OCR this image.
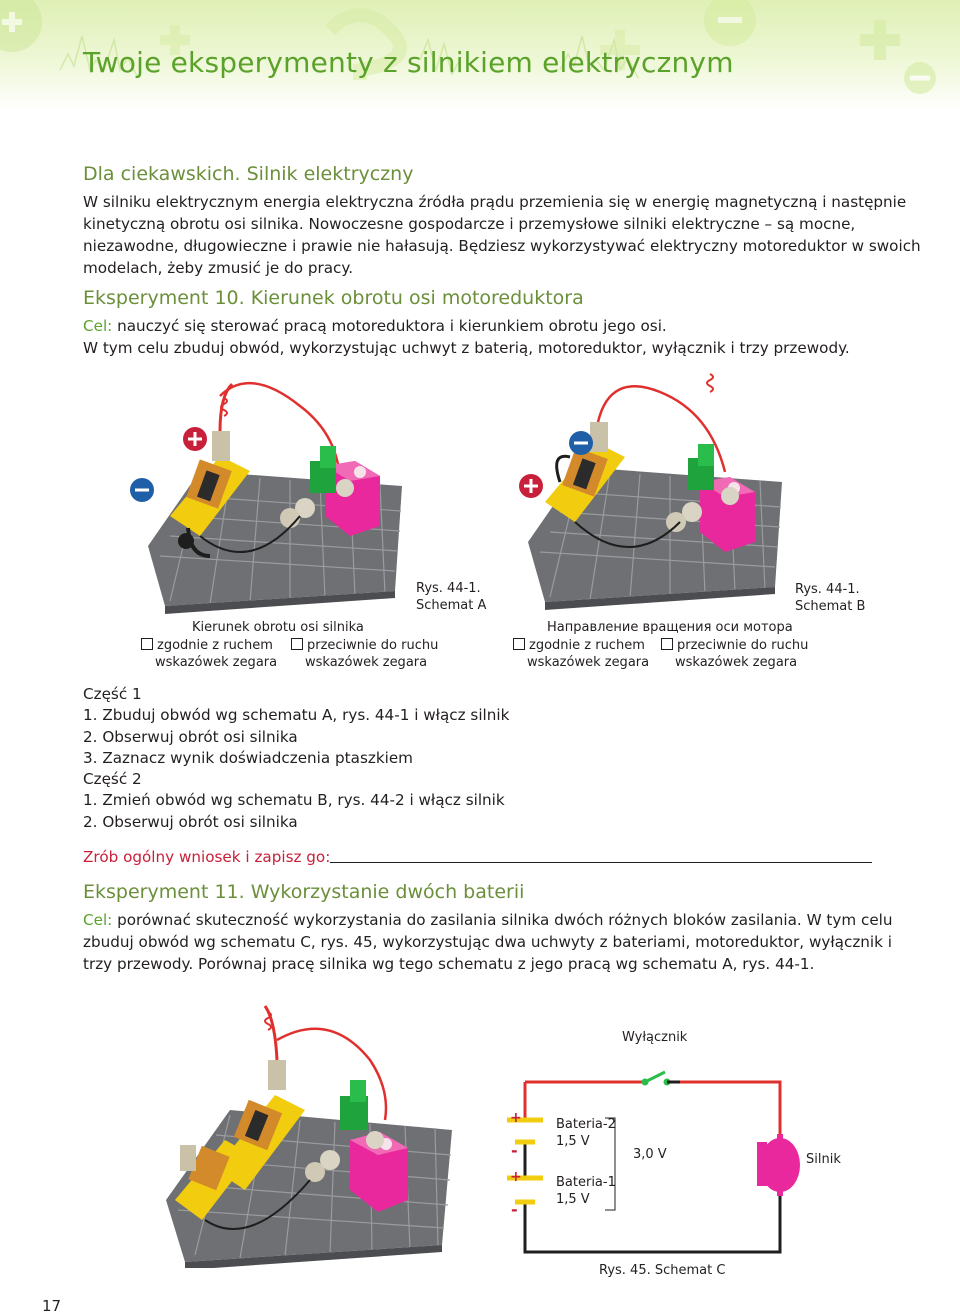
Twoje eksperymenty z silnikiem elektrycznym
Dla ciekawskich. Silnik elektryczny
W silniku elektrycznym energia elektryczna źródła prądu przemienia się w energię magnetyczną i następnie
kinetyczną obrotu osi silnika. Nowoczesne gospodarcze i przemysłowe silniki elektryczne – są mocne,
niezawodne, długowieczne i prawie nie hałasują. Będziesz wykorzystywać elektryczny motoreduktor w swoich
modelach, żeby zmusić je do pracy.
Eksperyment 10. Kierunek obrotu osi motoreduktora
Cel: nauczyć się sterować pracą motoreduktora i kierunkiem obrotu jego osi.
W tym celu zbuduj obwód, wykorzystując uchwyt z baterią, motoreduktor, wyłącznik i trzy przewody.
Rys. 44-1.
Schemat A
Kierunek obrotu osi silnika
zgodnie z ruchem
wskazówek zegara
przeciwnie do ruchu
wskazówek zegara
Rys. 44-1.
Schemat B
Направление вращения оси мотора
zgodnie z ruchem
wskazówek zegara
przeciwnie do ruchu
wskazówek zegara
Część 1
1. Zbuduj obwód wg schematu A, rys. 44-1 i włącz silnik
2. Obserwuj obrót osi silnika
3. Zaznacz wynik doświadczenia ptaszkiem
Część 2
1. Zmień obwód wg schematu B, rys. 44-2 i włącz silnik
2. Obserwuj obrót osi silnika
Zrób ogólny wniosek i zapisz go:
Eksperyment 11. Wykorzystanie dwóch baterii
Cel: porównać skuteczność wykorzystania do zasilania silnika dwóch różnych bloków zasilania. W tym celu
zbuduj obwód wg schematu C, rys. 45, wykorzystując dwa uchwyty z bateriami, motoreduktor, wyłącznik i
trzy przewody. Porównaj pracę silnika wg tego schematu z jego pracą wg schematu A, rys. 44-1.
Wyłącznik
+
-
+
-
Bateria-2
1,5 V
Bateria-1
1,5 V
3,0 V	Silnik
Rys. 45. Schemat C
17
